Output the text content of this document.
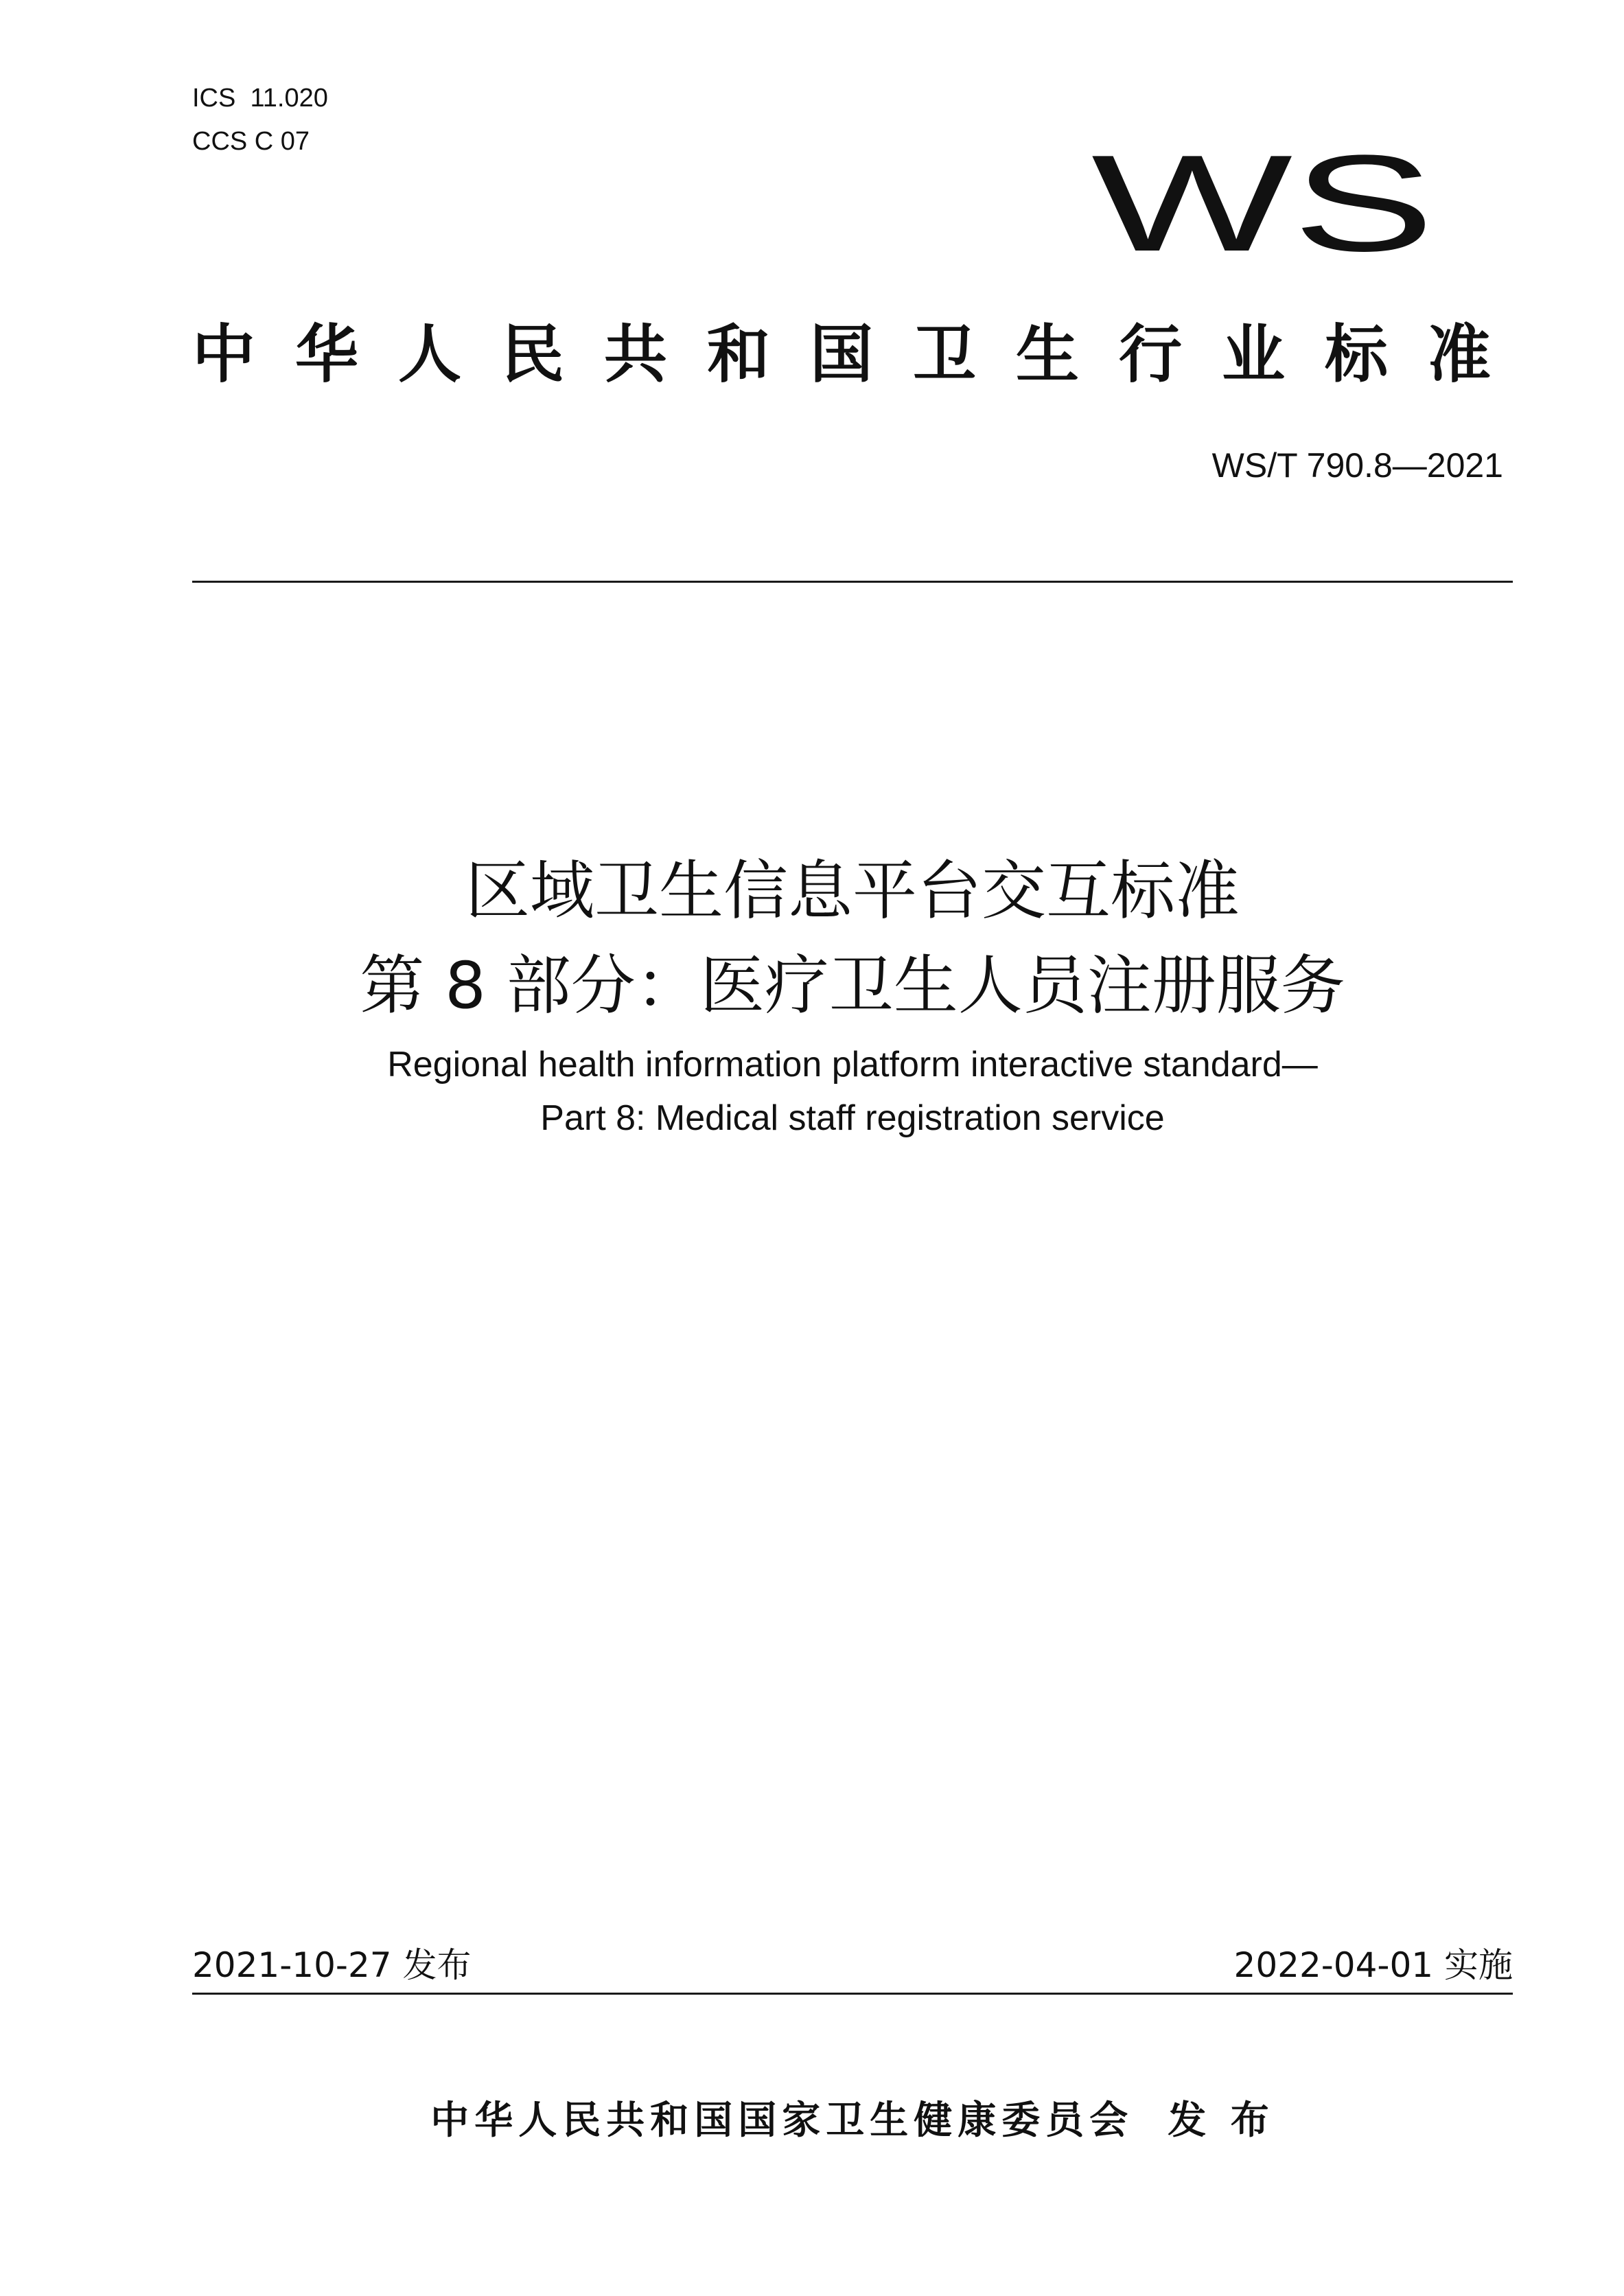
ICS  11.020
CCS C 07	WS
中华人民共和国卫生行业标准
WS/T 790.8—2021
区域卫生信息平台交互标准
第 8 部分：医疗卫生人员注册服务
Regional health information platform interactive standard—
Part 8: Medical staff registration service
2021-10-27 发布	2022-04-01 实施
中华人民共和国国家卫生健康委员会 发 布
